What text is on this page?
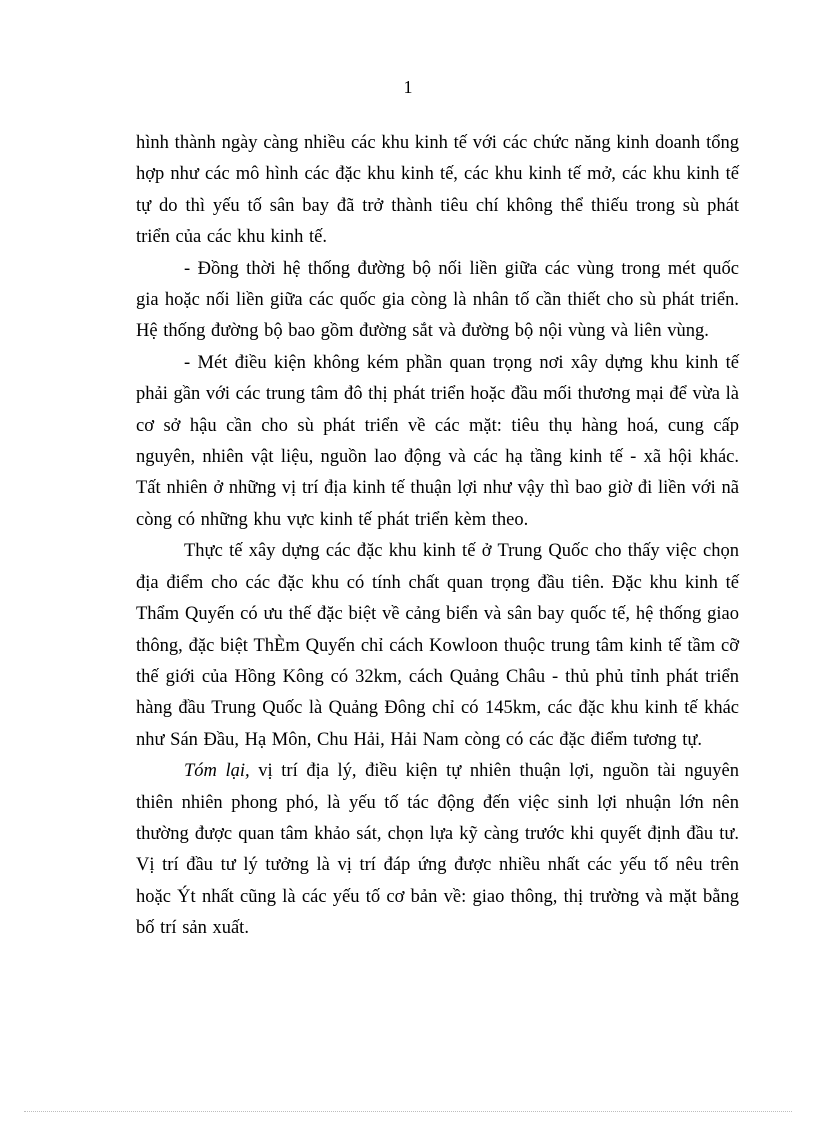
1

hình thành ngày càng nhiều các khu kinh tế với các chức năng kinh doanh tổng hợp như các mô hình các đặc khu kinh tế, các khu kinh tế mở, các khu kinh tế tự do thì yếu tố sân bay đã trở thành tiêu chí không thể thiếu trong sù phát triển của các khu kinh tế.

- Đồng thời hệ thống đường bộ nối liền giữa các vùng trong mét quốc gia hoặc nối liền giữa các quốc gia còng là nhân tố cần thiết cho sù phát triển. Hệ thống đường bộ bao gồm đường sắt và đường bộ nội vùng và liên vùng.

- Mét điều kiện không kém phần quan trọng nơi xây dựng khu kinh tế phải gần với các trung tâm đô thị phát triển hoặc đầu mối thương mại để vừa là cơ sở hậu cần cho sù phát triển về các mặt: tiêu thụ hàng hoá, cung cấp nguyên, nhiên vật liệu, nguồn lao động và các hạ tầng kinh tế - xã hội khác. Tất nhiên ở những vị trí địa kinh tế thuận lợi như vậy thì bao giờ đi liền với nã còng có những khu vực kinh tế phát triển kèm theo.

Thực tế xây dựng các đặc khu kinh tế ở Trung Quốc cho thấy việc chọn địa điểm cho các đặc khu có tính chất quan trọng đầu tiên. Đặc khu kinh tế Thẩm Quyến có ưu thế đặc biệt về cảng biển và sân bay quốc tế, hệ thống giao thông, đặc biệt ThÈm Quyến chỉ cách Kowloon thuộc trung tâm kinh tế tầm cỡ thế giới của Hồng Kông có 32km, cách Quảng Châu - thủ phủ tỉnh phát triển hàng đầu Trung Quốc là Quảng Đông chỉ có 145km, các đặc khu kinh tế khác như Sán Đầu, Hạ Môn, Chu Hải, Hải Nam còng có các đặc điểm tương tự.

Tóm lại, vị trí địa lý, điều kiện tự nhiên thuận lợi, nguồn tài nguyên thiên nhiên phong phó, là yếu tố tác động đến việc sinh lợi nhuận lớn nên thường được quan tâm khảo sát, chọn lựa kỹ càng trước khi quyết định đầu tư. Vị trí đầu tư lý tưởng là vị trí đáp ứng được nhiều nhất các yếu tố nêu trên hoặc Ýt nhất cũng là các yếu tố cơ bản về: giao thông, thị trường và mặt bằng bố trí sản xuất.
